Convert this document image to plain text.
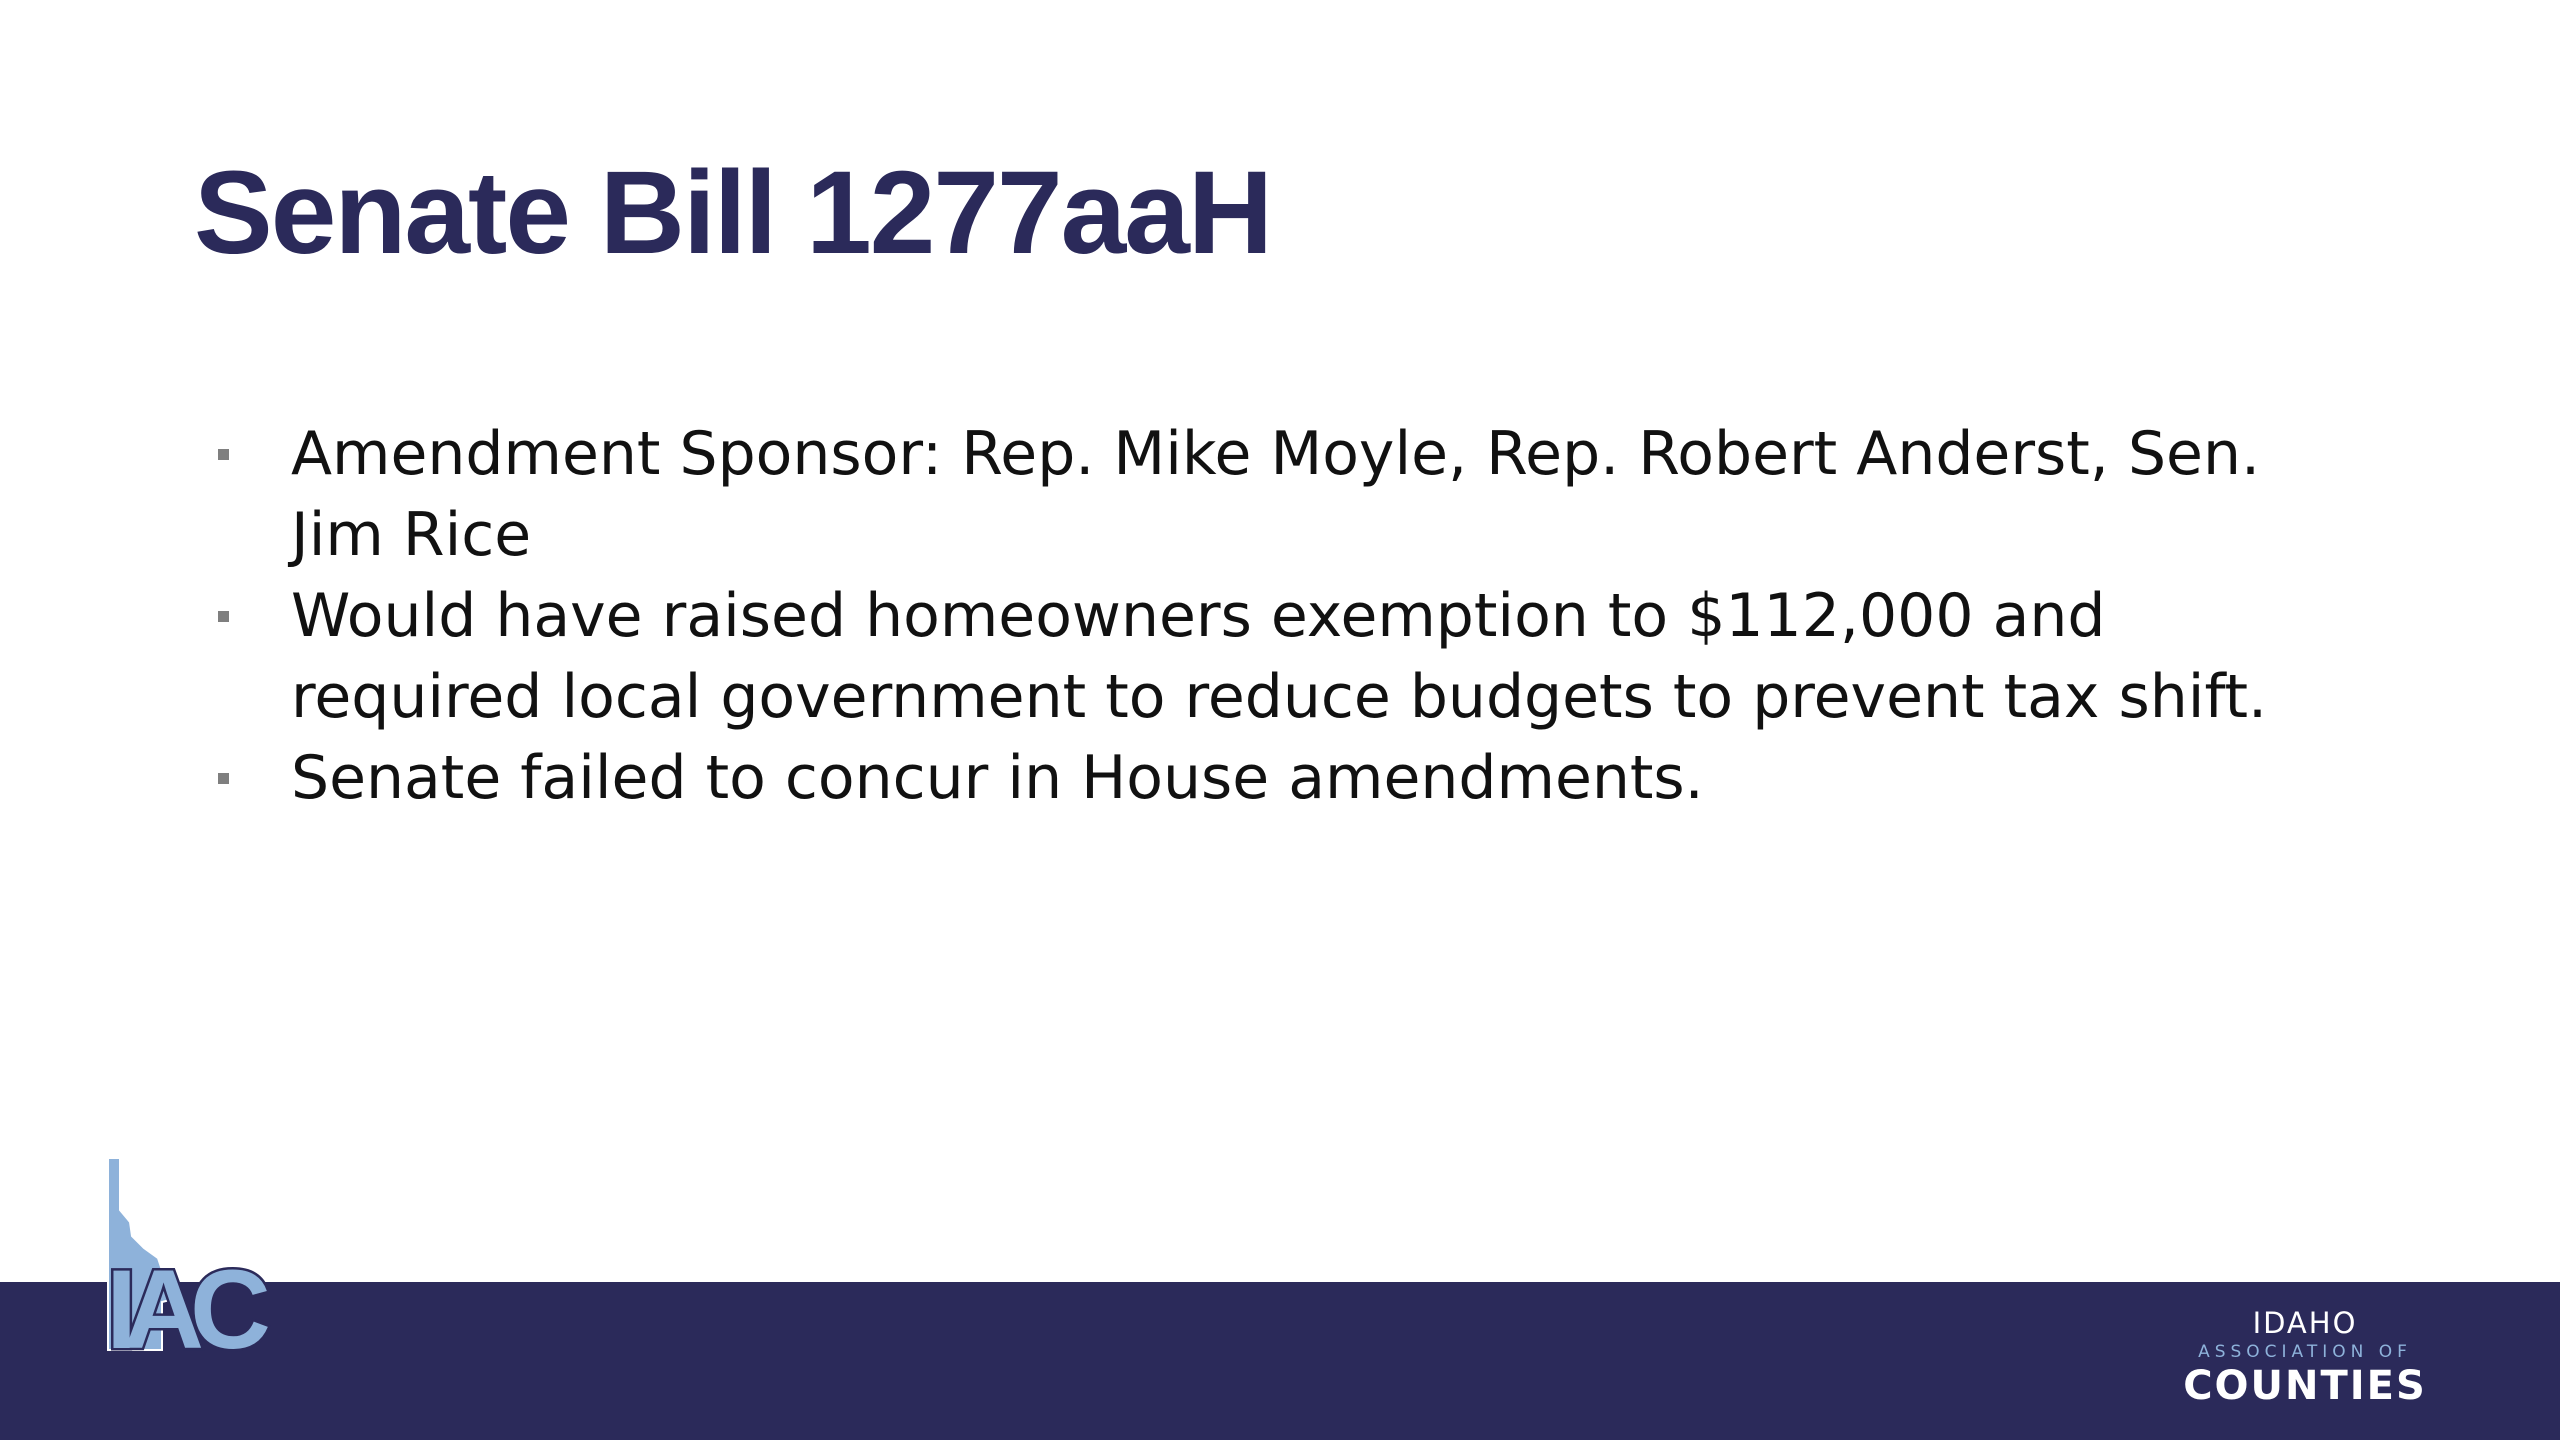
Senate Bill 1277aaH
Amendment Sponsor: Rep. Mike Moyle, Rep. Robert Anderst, Sen. Jim Rice
Would have raised homeowners exemption to $112,000 and required local government to reduce budgets to prevent tax shift.
Senate failed to concur in House amendments.
IAC	IDAHO
ASSOCIATION OF
COUNTIES
